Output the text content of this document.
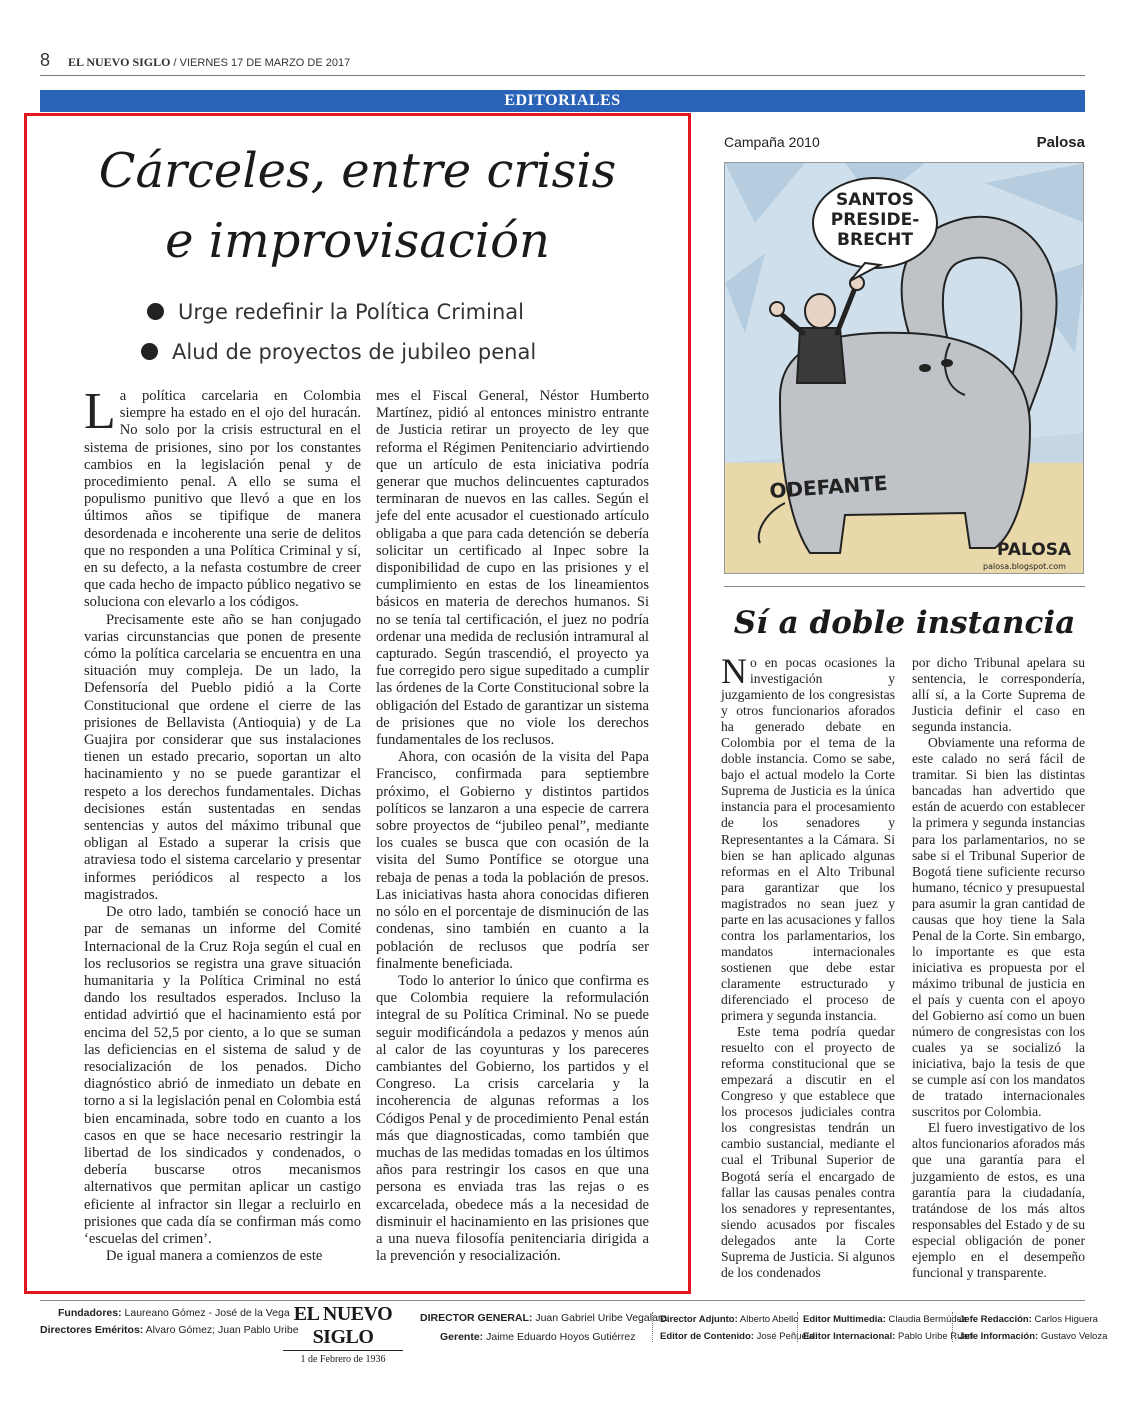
8 EL NUEVO SIGLO / VIERNES 17 DE MARZO DE 2017
EDITORIALES
Cárceles, entre crisis
e improvisación
Urge redefinir la Política Criminal
Alud de proyectos de jubileo penal

La política carcelaria en Colombia siempre ha estado en el ojo del huracán. No solo por la crisis estructural en el sistema de prisiones, sino por los constantes cambios en la legislación penal y de procedimiento penal. A ello se suma el populismo punitivo que llevó a que en los últimos años se tipifique de manera desordenada e incoherente una serie de delitos que no responden a una Política Criminal y sí, en su defecto, a la nefasta costumbre de creer que cada hecho de impacto público negativo se soluciona con elevarlo a los códigos.

Precisamente este año se han conjugado varias circunstancias que ponen de presente cómo la política carcelaria se encuentra en una situación muy compleja. De un lado, la Defensoría del Pueblo pidió a la Corte Constitucional que ordene el cierre de las prisiones de Bellavista (Antioquia) y de La Guajira por considerar que sus instalaciones tienen un estado precario, soportan un alto hacinamiento y no se puede garantizar el respeto a los derechos fundamentales. Dichas decisiones están sustentadas en sendas sentencias y autos del máximo tribunal que obligan al Estado a superar la crisis que atraviesa todo el sistema carcelario y presentar informes periódicos al respecto a los magistrados.

De otro lado, también se conoció hace un par de semanas un informe del Comité Internacional de la Cruz Roja según el cual en los reclusorios se registra una grave situación humanitaria y la Política Criminal no está dando los resultados esperados. Incluso la entidad advirtió que el hacinamiento está por encima del 52,5 por ciento, a lo que se suman las deficiencias en el sistema de salud y de resocialización de los penados. Dicho diagnóstico abrió de inmediato un debate en torno a si la legislación penal en Colombia está bien encaminada, sobre todo en cuanto a los casos en que se hace necesario restringir la libertad de los sindicados y condenados, o debería buscarse otros mecanismos alternativos que permitan aplicar un castigo eficiente al infractor sin llegar a recluirlo en prisiones que cada día se confirman más como ‘escuelas del crimen’.

De igual manera a comienzos de este

mes el Fiscal General, Néstor Humberto Martínez, pidió al entonces ministro entrante de Justicia retirar un proyecto de ley que reforma el Régimen Penitenciario advirtiendo que un artículo de esta iniciativa podría generar que muchos delincuentes capturados terminaran de nuevos en las calles. Según el jefe del ente acusador el cuestionado artículo obligaba a que para cada detención se debería solicitar un certificado al Inpec sobre la disponibilidad de cupo en las prisiones y el cumplimiento en estas de los lineamientos básicos en materia de derechos humanos. Si no se tenía tal certificación, el juez no podría ordenar una medida de reclusión intramural al capturado. Según trascendió, el proyecto ya fue corregido pero sigue supeditado a cumplir las órdenes de la Corte Constitucional sobre la obligación del Estado de garantizar un sistema de prisiones que no viole los derechos fundamentales de los reclusos.

Ahora, con ocasión de la visita del Papa Francisco, confirmada para septiembre próximo, el Gobierno y distintos partidos políticos se lanzaron a una especie de carrera sobre proyectos de “jubileo penal”, mediante los cuales se busca que con ocasión de la visita del Sumo Pontífice se otorgue una rebaja de penas a toda la población de presos. Las iniciativas hasta ahora conocidas difieren no sólo en el porcentaje de disminución de las condenas, sino también en cuanto a la población de reclusos que podría ser finalmente beneficiada.

Todo lo anterior lo único que confirma es que Colombia requiere la reformulación integral de su Política Criminal. No se puede seguir modificándola a pedazos y menos aún al calor de las coyunturas y los pareceres cambiantes del Gobierno, los partidos y el Congreso. La crisis carcelaria y la incoherencia de algunas reformas a los Códigos Penal y de procedimiento Penal están más que diagnosticadas, como también que muchas de las medidas tomadas en los últimos años para restringir los casos en que una persona es enviada tras las rejas o es excarcelada, obedece más a la necesidad de disminuir el hacinamiento en las prisiones que a una nueva filosofía penitenciaria dirigida a la prevención y resocialización.

Campaña 2010	Palosa
SANTOS
PRESIDE-
BRECHT
ODEFANTE
PALOSA
palosa.blogspot.com
Sí a doble instancia

No en pocas ocasiones la investigación y juzgamiento de los congresistas y otros funcionarios aforados ha generado debate en Colombia por el tema de la doble instancia. Como se sabe, bajo el actual modelo la Corte Suprema de Justicia es la única instancia para el procesamiento de los senadores y Representantes a la Cámara. Si bien se han aplicado algunas reformas en el Alto Tribunal para garantizar que los magistrados no sean juez y parte en las acusaciones y fallos contra los parlamentarios, los mandatos internacionales sostienen que debe estar claramente estructurado y diferenciado el proceso de primera y segunda instancia.

Este tema podría quedar resuelto con el proyecto de reforma constitucional que se empezará a discutir en el Congreso y que establece que los procesos judiciales contra los congresistas tendrán un cambio sustancial, mediante el cual el Tribunal Superior de Bogotá sería el encargado de fallar las causas penales contra los senadores y representantes, siendo acusados por fiscales delegados ante la Corte Suprema de Justicia. Si algunos de los condenados

por dicho Tribunal apelara su sentencia, le correspondería, allí sí, a la Corte Suprema de Justicia definir el caso en segunda instancia.

Obviamente una reforma de este calado no será fácil de tramitar. Si bien las distintas bancadas han advertido que están de acuerdo con establecer la primera y segunda instancias para los parlamentarios, no se sabe si el Tribunal Superior de Bogotá tiene suficiente recurso humano, técnico y presupuestal para asumir la gran cantidad de causas que hoy tiene la Sala Penal de la Corte. Sin embargo, lo importante es que esta iniciativa es propuesta por el máximo tribunal de justicia en el país y cuenta con el apoyo del Gobierno así como un buen número de congresistas con los cuales ya se socializó la iniciativa, bajo la tesis de que se cumple así con los mandatos de tratado internacionales suscritos por Colombia.

El fuero investigativo de los altos funcionarios aforados más que una garantía para el juzgamiento de estos, es una garantía para la ciudadanía, tratándose de los más altos responsables del Estado y de su especial obligación de poner ejemplo en el desempeño funcional y transparente.

Fundadores: Laureano Gómez - José de la Vega
Directores Eméritos: Alvaro Gómez; Juan Pablo Uribe
EL NUEVO SIGLO
1 de Febrero de 1936
DIRECTOR GENERAL: Juan Gabriel Uribe Vegalara
Gerente: Jaime Eduardo Hoyos Gutiérrez
Director Adjunto: Alberto Abello
Editor de Contenido: José Peñuela
Editor Multimedia: Claudia Bermúdez
Editor Internacional: Pablo Uribe Ruan
Jefe Redacción: Carlos Higuera
Jefe Información: Gustavo Veloza
